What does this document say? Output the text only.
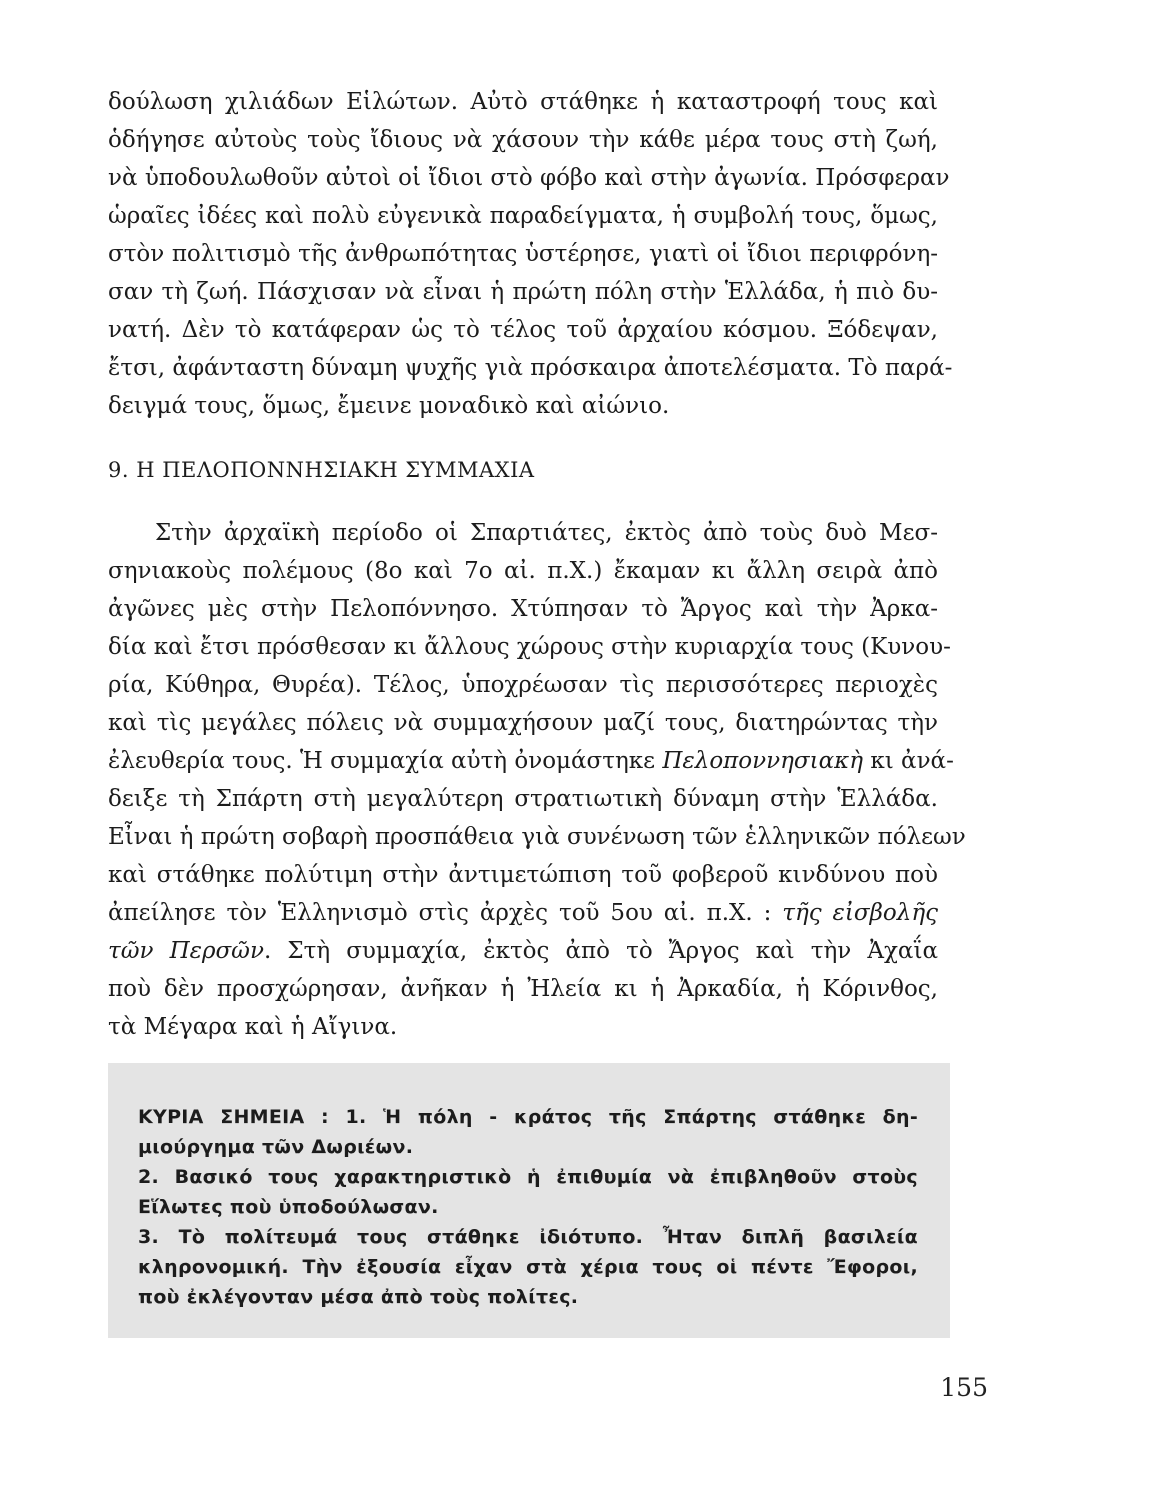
δούλωση χιλιάδων Εἱλώτων. Αὐτὸ στάθηκε ἡ καταστροφή τους καὶ
ὁδήγησε αὐτοὺς τοὺς ἴδιους νὰ χάσουν τὴν κάθε μέρα τους στὴ ζωή,
νὰ ὑποδουλωθοῦν αὐτοὶ οἱ ἴδιοι στὸ φόβο καὶ στὴν ἀγωνία. Πρόσφεραν
ὡραῖες ἰδέες καὶ πολὺ εὐγενικὰ παραδείγματα, ἡ συμβολή τους, ὅμως,
στὸν πολιτισμὸ τῆς ἀνθρωπότητας ὑστέρησε, γιατὶ οἱ ἴδιοι περιφρόνη-
σαν τὴ ζωή. Πάσχισαν νὰ εἶναι ἡ πρώτη πόλη στὴν Ἑλλάδα, ἡ πιὸ δυ-
νατή. Δὲν τὸ κατάφεραν ὡς τὸ τέλος τοῦ ἀρχαίου κόσμου. Ξόδεψαν,
ἔτσι, ἀφάνταστη δύναμη ψυχῆς γιὰ πρόσκαιρα ἀποτελέσματα. Τὸ παρά-
δειγμά τους, ὅμως, ἔμεινε μοναδικὸ καὶ αἰώνιο.
9. Η ΠΕΛΟΠΟΝΝΗΣΙΑΚΗ ΣΥΜΜΑΧΙΑ
Στὴν ἀρχαϊκὴ περίοδο οἱ Σπαρτιάτες, ἐκτὸς ἀπὸ τοὺς δυὸ Μεσ-
σηνιακοὺς πολέμους (8ο καὶ 7ο αἰ. π.Χ.) ἔκαμαν κι ἄλλη σειρὰ ἀπὸ
ἀγῶνες μὲς στὴν Πελοπόννησο. Χτύπησαν τὸ Ἄργος καὶ τὴν Ἀρκα-
δία καὶ ἔτσι πρόσθεσαν κι ἄλλους χώρους στὴν κυριαρχία τους (Κυνου-
ρία, Κύθηρα, Θυρέα). Τέλος, ὑποχρέωσαν τὶς περισσότερες περιοχὲς
καὶ τὶς μεγάλες πόλεις νὰ συμμαχήσουν μαζί τους, διατηρώντας τὴν
ἐλευθερία τους. Ἡ συμμαχία αὐτὴ ὀνομάστηκε Πελοποννησιακὴ κι ἀνά-
δειξε τὴ Σπάρτη στὴ μεγαλύτερη στρατιωτικὴ δύναμη στὴν Ἑλλάδα.
Εἶναι ἡ πρώτη σοβαρὴ προσπάθεια γιὰ συνένωση τῶν ἑλληνικῶν πόλεων
καὶ στάθηκε πολύτιμη στὴν ἀντιμετώπιση τοῦ φοβεροῦ κινδύνου ποὺ
ἀπείλησε τὸν Ἑλληνισμὸ στὶς ἀρχὲς τοῦ 5ου αἰ. π.Χ. : τῆς εἰσβολῆς
τῶν Περσῶν. Στὴ συμμαχία, ἐκτὸς ἀπὸ τὸ Ἄργος καὶ τὴν Ἀχαΐα
ποὺ δὲν προσχώρησαν, ἀνῆκαν ἡ Ἠλεία κι ἡ Ἀρκαδία, ἡ Κόρινθος,
τὰ Μέγαρα καὶ ἡ Αἴγινα.
ΚΥΡΙΑ ΣΗΜΕΙΑ : 1. Ἡ πόλη - κράτος τῆς Σπάρτης στάθηκε δη-
μιούργημα τῶν Δωριέων.
2. Βασικό τους χαρακτηριστικὸ ἡ ἐπιθυμία νὰ ἐπιβληθοῦν στοὺς
Εἵλωτες ποὺ ὑποδούλωσαν.
3. Τὸ πολίτευμά τους στάθηκε ἰδιότυπο. Ἦταν διπλῆ βασιλεία
κληρονομική. Τὴν ἐξουσία εἶχαν στὰ χέρια τους οἱ πέντε Ἔφοροι,
ποὺ ἐκλέγονταν μέσα ἀπὸ τοὺς πολίτες.
155
